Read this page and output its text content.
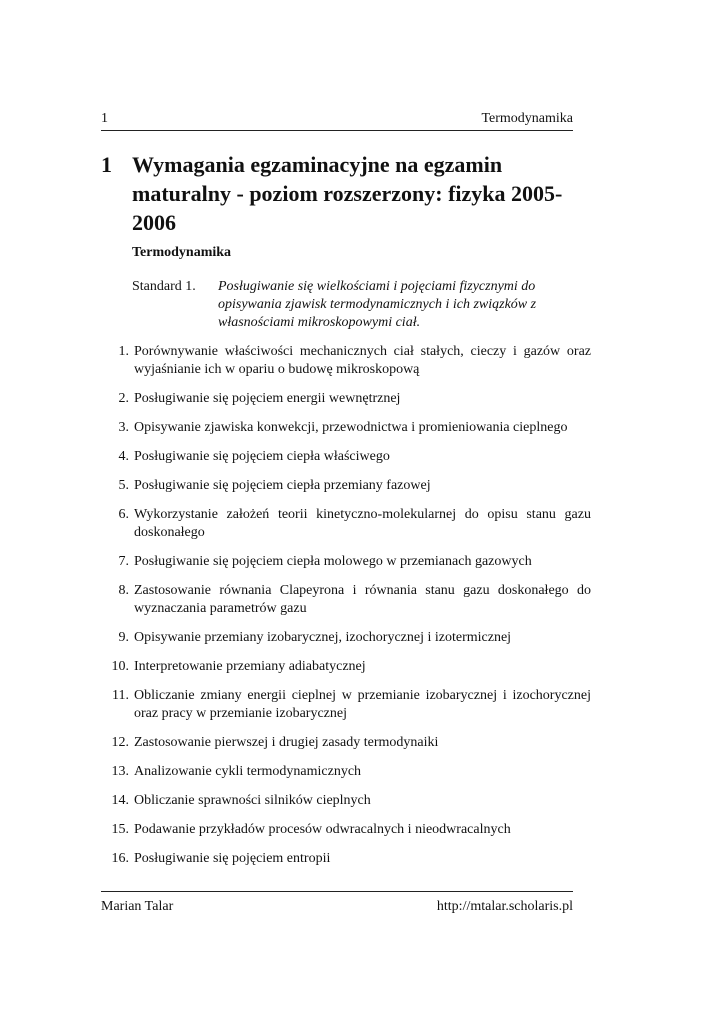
1	Termodynamika
1 Wymagania egzaminacyjne na egzamin maturalny - poziom rozszerzony: fizyka 2005-2006
Termodynamika
Standard 1. Posługiwanie się wielkościami i pojęciami fizycznymi do opisywania zjawisk termodynamicznych i ich związków z własnościami mikroskopowymi ciał.
1. Porównywanie właściwości mechanicznych ciał stałych, cieczy i gazów oraz wyjaśnianie ich w opariu o budowę mikroskopową
2. Posługiwanie się pojęciem energii wewnętrznej
3. Opisywanie zjawiska konwekcji, przewodnictwa i promieniowania cieplnego
4. Posługiwanie się pojęciem ciepła właściwego
5. Posługiwanie się pojęciem ciepła przemiany fazowej
6. Wykorzystanie założeń teorii kinetyczno-molekularnej do opisu stanu gazu doskonałego
7. Posługiwanie się pojęciem ciepła molowego w przemianach gazowych
8. Zastosowanie równania Clapeyrona i równania stanu gazu doskonałego do wyznaczania parametrów gazu
9. Opisywanie przemiany izobarycznej, izochorycznej i izotermicznej
10. Interpretowanie przemiany adiabatycznej
11. Obliczanie zmiany energii cieplnej w przemianie izobarycznej i izochorycznej oraz pracy w przemianie izobarycznej
12. Zastosowanie pierwszej i drugiej zasady termodynaiki
13. Analizowanie cykli termodynamicznych
14. Obliczanie sprawności silników cieplnych
15. Podawanie przykładów procesów odwracalnych i nieodwracalnych
16. Posługiwanie się pojęciem entropii
Marian Talar	http://mtalar.scholaris.pl
